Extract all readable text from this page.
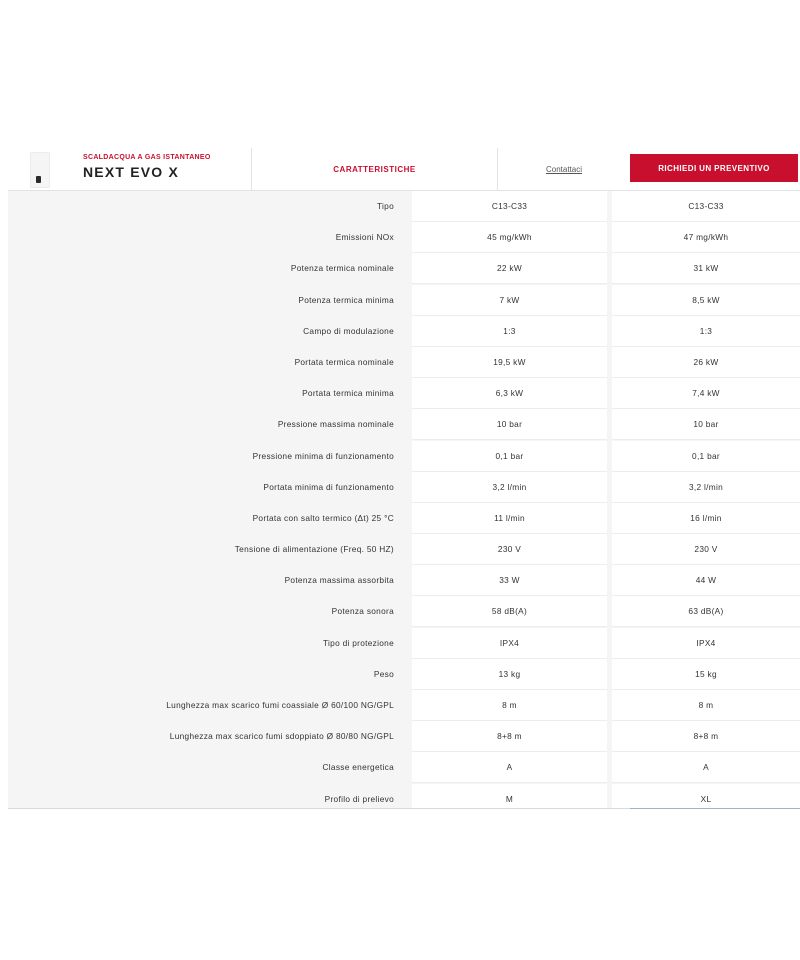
SCALDACQUA A GAS ISTANTANEO
NEXT EVO X	CARATTERISTICHE	Contattaci	RICHIEDI UN PREVENTIVO
Tipo	C13-C33	C13-C33
Emissioni NOx	45 mg/kWh	47 mg/kWh
Potenza termica nominale	22 kW	31 kW
Potenza termica minima	7 kW	8,5 kW
Campo di modulazione	1:3	1:3
Portata termica nominale	19,5 kW	26 kW
Portata termica minima	6,3 kW	7,4 kW
Pressione massima nominale	10 bar	10 bar
Pressione minima di funzionamento	0,1 bar	0,1 bar
Portata minima di funzionamento	3,2 l/min	3,2 l/min
Portata con salto termico (Δt) 25 °C	11 l/min	16 l/min
Tensione di alimentazione (Freq. 50 HZ)	230 V	230 V
Potenza massima assorbita	33 W	44 W
Potenza sonora	58 dB(A)	63 dB(A)
Tipo di protezione	IPX4	IPX4
Peso	13 kg	15 kg
Lunghezza max scarico fumi coassiale Ø 60/100 NG/GPL	8 m	8 m
Lunghezza max scarico fumi sdoppiato Ø 80/80 NG/GPL	8+8 m	8+8 m
Classe energetica	A	A
Profilo di prelievo	M	XL
